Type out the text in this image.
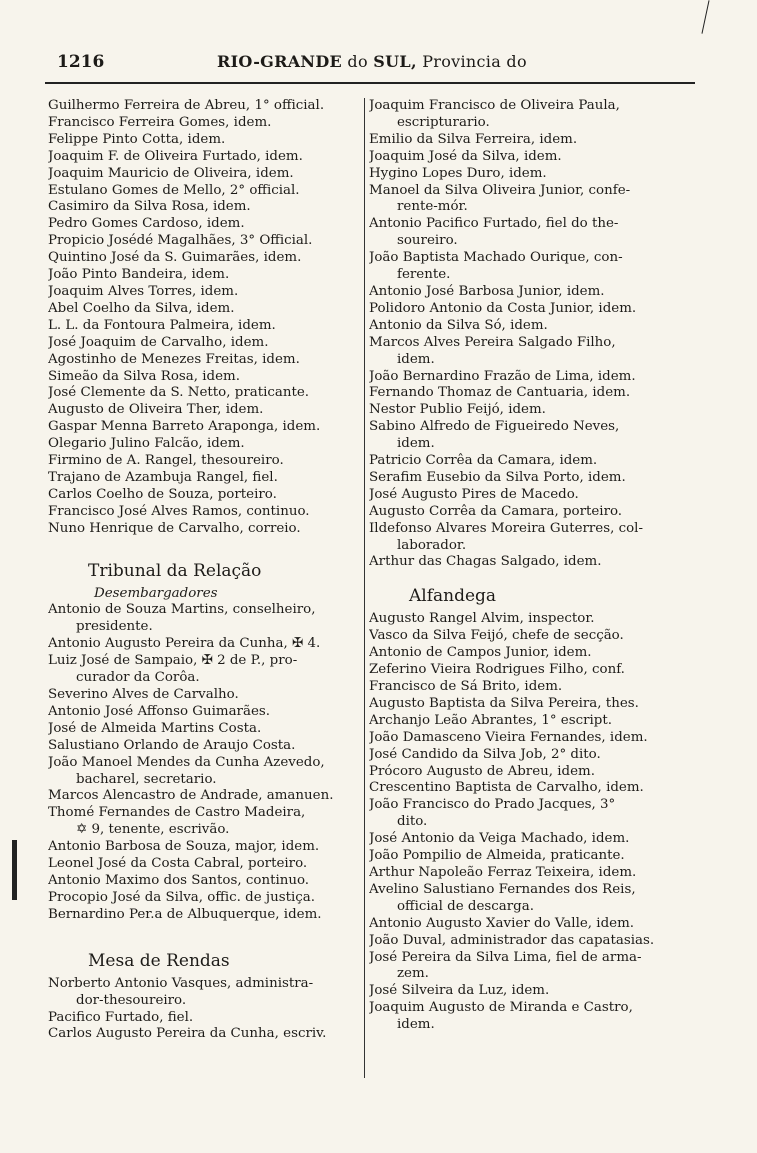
1216	RIO-GRANDE do SUL, Provincia do
Guilhermo Ferreira de Abreu, 1° official.
Francisco Ferreira Gomes, idem.
Felippe Pinto Cotta, idem.
Joaquim F. de Oliveira Furtado, idem.
Joaquim Mauricio de Oliveira, idem.
Estulano Gomes de Mello, 2° official.
Casimiro da Silva Rosa, idem.
Pedro Gomes Cardoso, idem.
Propicio Josédé Magalhães, 3° Official.
Quintino José da S. Guimarães, idem.
João Pinto Bandeira, idem.
Joaquim Alves Torres, idem.
Abel Coelho da Silva, idem.
L. L. da Fontoura Palmeira, idem.
José Joaquim de Carvalho, idem.
Agostinho de Menezes Freitas, idem.
Simeão da Silva Rosa, idem.
José Clemente da S. Netto, praticante.
Augusto de Oliveira Ther, idem.
Gaspar Menna Barreto Araponga, idem.
Olegario Julino Falcão, idem.
Firmino de A. Rangel, thesoureiro.
Trajano de Azambuja Rangel, fiel.
Carlos Coelho de Souza, porteiro.
Francisco José Alves Ramos, continuo.
Nuno Henrique de Carvalho, correio.
Tribunal da Relação
Desembargadores
Antonio de Souza Martins, conselheiro,
presidente.
Antonio Augusto Pereira da Cunha, ✠ 4.
Luiz José de Sampaio, ✠ 2 de P., pro-
curador da Corôa.
Severino Alves de Carvalho.
Antonio José Affonso Guimarães.
José de Almeida Martins Costa.
Salustiano Orlando de Araujo Costa.
João Manoel Mendes da Cunha Azevedo,
bacharel, secretario.
Marcos Alencastro de Andrade, amanuen.
Thomé Fernandes de Castro Madeira,
✡ 9, tenente, escrivão.
Antonio Barbosa de Souza, major, idem.
Leonel José da Costa Cabral, porteiro.
Antonio Maximo dos Santos, continuo.
Procopio José da Silva, offic. de justiça.
Bernardino Per.a de Albuquerque, idem.
Mesa de Rendas
Norberto Antonio Vasques, administra-
dor-thesoureiro.
Pacifico Furtado, fiel.
Carlos Augusto Pereira da Cunha, escriv.
Joaquim Francisco de Oliveira Paula,
escripturario.
Emilio da Silva Ferreira, idem.
Joaquim José da Silva, idem.
Hygino Lopes Duro, idem.
Manoel da Silva Oliveira Junior, confe-
rente-mór.
Antonio Pacifico Furtado, fiel do the-
soureiro.
João Baptista Machado Ourique, con-
ferente.
Antonio José Barbosa Junior, idem.
Polidoro Antonio da Costa Junior, idem.
Antonio da Silva Só, idem.
Marcos Alves Pereira Salgado Filho,
idem.
João Bernardino Frazão de Lima, idem.
Fernando Thomaz de Cantuaria, idem.
Nestor Publio Feijó, idem.
Sabino Alfredo de Figueiredo Neves,
idem.
Patricio Corrêa da Camara, idem.
Serafim Eusebio da Silva Porto, idem.
José Augusto Pires de Macedo.
Augusto Corrêa da Camara, porteiro.
Ildefonso Alvares Moreira Guterres, col-
laborador.
Arthur das Chagas Salgado, idem.
Alfandega
Augusto Rangel Alvim, inspector.
Vasco da Silva Feijó, chefe de secção.
Antonio de Campos Junior, idem.
Zeferino Vieira Rodrigues Filho, conf.
Francisco de Sá Brito, idem.
Augusto Baptista da Silva Pereira, thes.
Archanjo Leão Abrantes, 1° escript.
João Damasceno Vieira Fernandes, idem.
José Candido da Silva Job, 2° dito.
Prócoro Augusto de Abreu, idem.
Crescentino Baptista de Carvalho, idem.
João Francisco do Prado Jacques, 3°
dito.
José Antonio da Veiga Machado, idem.
João Pompilio de Almeida, praticante.
Arthur Napoleão Ferraz Teixeira, idem.
Avelino Salustiano Fernandes dos Reis,
official de descarga.
Antonio Augusto Xavier do Valle, idem.
João Duval, administrador das capatasias.
José Pereira da Silva Lima, fiel de arma-
zem.
José Silveira da Luz, idem.
Joaquim Augusto de Miranda e Castro,
idem.
